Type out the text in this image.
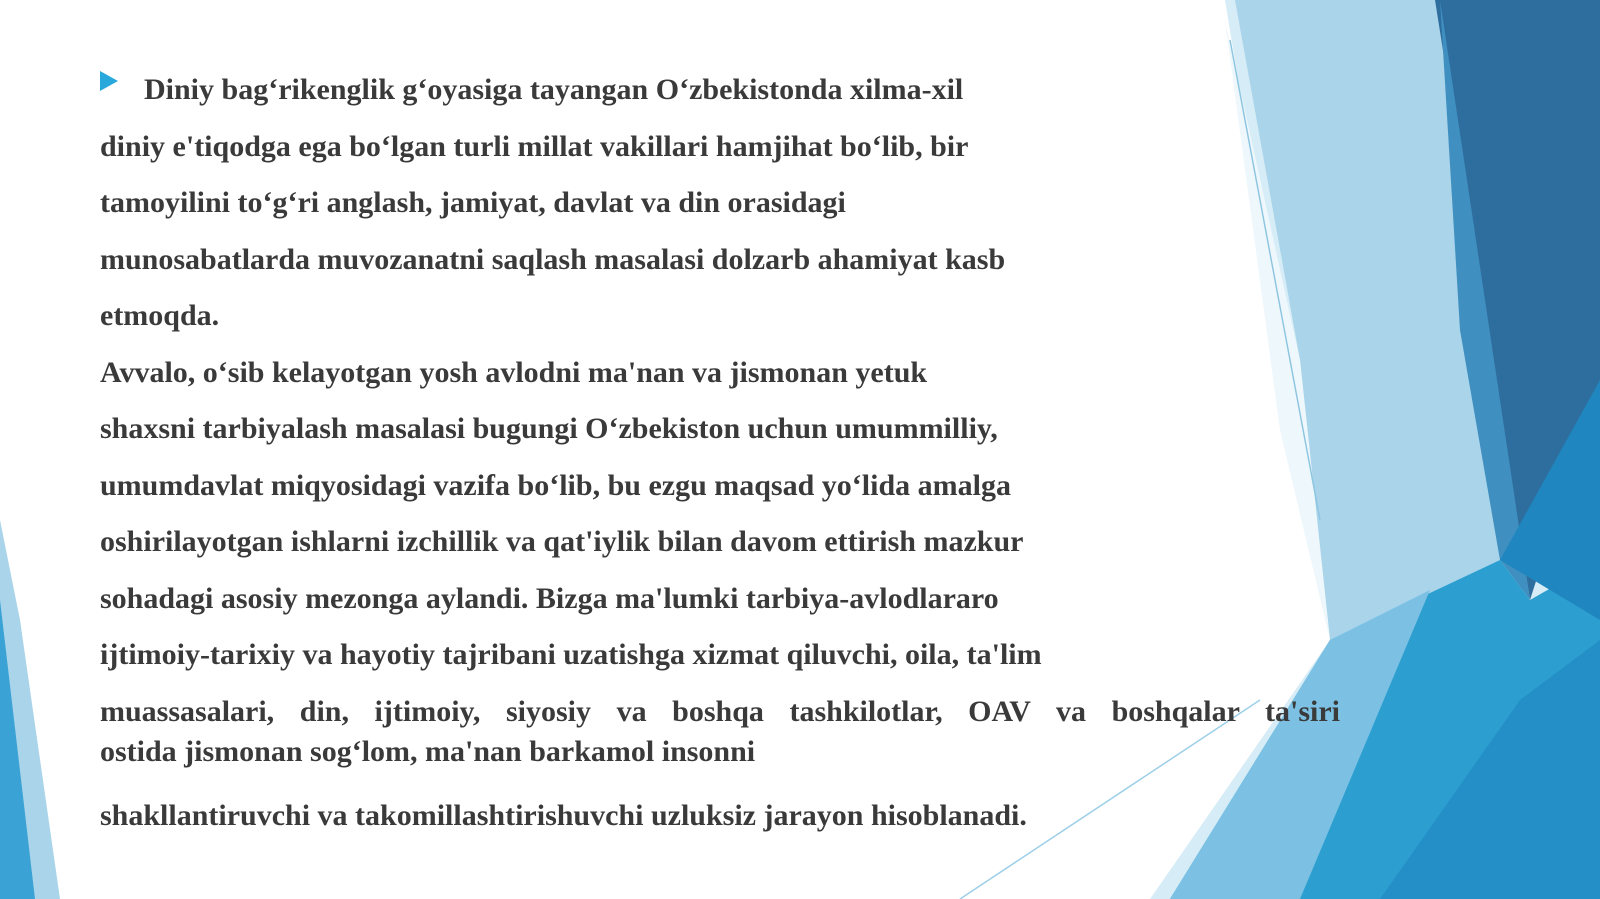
Diniy bag‘rikenglik g‘oyasiga tayangan O‘zbekistonda xilma-xil
diniy e'tiqodga ega bo‘lgan turli millat vakillari hamjihat bo‘lib, bir
tamoyilini to‘g‘ri anglash, jamiyat, davlat va din orasidagi
munosabatlarda muvozanatni saqlash masalasi dolzarb ahamiyat kasb
etmoqda.
Avvalo, o‘sib kelayotgan yosh avlodni ma'nan va jismonan yetuk
shaxsni tarbiyalash masalasi bugungi O‘zbekiston uchun umummilliy,
umumdavlat miqyosidagi vazifa bo‘lib, bu ezgu maqsad yo‘lida amalga
oshirilayotgan ishlarni izchillik va qat'iylik bilan davom ettirish mazkur
sohadagi asosiy mezonga aylandi. Bizga ma'lumki tarbiya-avlodlararo
ijtimoiy-tarixiy va hayotiy tajribani uzatishga xizmat qiluvchi, oila, ta'lim
muassasalari, din, ijtimoiy, siyosiy va boshqa tashkilotlar, OAV va boshqalar ta'siri
ostida jismonan sog‘lom, ma'nan barkamol insonni
shakllantiruvchi va takomillashtirishuvchi uzluksiz jarayon hisoblanadi.
